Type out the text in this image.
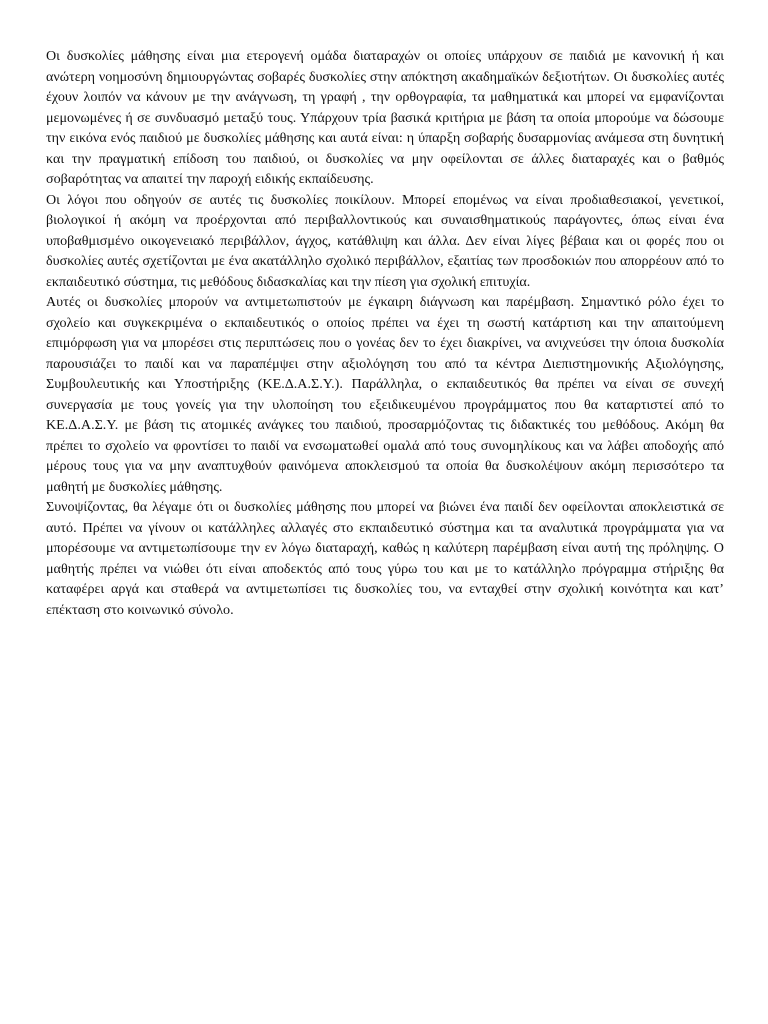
Οι δυσκολίες μάθησης είναι μια ετερογενή ομάδα διαταραχών οι οποίες υπάρχουν σε παιδιά με κανονική ή και ανώτερη νοημοσύνη δημιουργώντας σοβαρές δυσκολίες στην απόκτηση ακαδημαϊκών δεξιοτήτων. Οι δυσκολίες αυτές έχουν λοιπόν να κάνουν με την ανάγνωση, τη γραφή , την ορθογραφία, τα μαθηματικά και μπορεί να εμφανίζονται μεμονωμένες ή σε συνδυασμό μεταξύ τους. Υπάρχουν τρία βασικά κριτήρια με βάση τα οποία μπορούμε να δώσουμε την εικόνα ενός παιδιού με δυσκολίες μάθησης και αυτά είναι: η ύπαρξη σοβαρής δυσαρμονίας ανάμεσα στη δυνητική και την πραγματική επίδοση του παιδιού, οι δυσκολίες να μην οφείλονται σε άλλες διαταραχές και ο βαθμός σοβαρότητας να απαιτεί την παροχή ειδικής εκπαίδευσης.

Οι λόγοι που οδηγούν σε αυτές τις δυσκολίες ποικίλουν. Μπορεί επομένως να είναι προδιαθεσιακοί, γενετικοί, βιολογικοί ή ακόμη να προέρχονται από περιβαλλοντικούς και συναισθηματικούς παράγοντες, όπως είναι ένα υποβαθμισμένο οικογενειακό περιβάλλον, άγχος, κατάθλιψη και άλλα. Δεν είναι λίγες βέβαια και οι φορές που οι δυσκολίες αυτές σχετίζονται με ένα ακατάλληλο σχολικό περιβάλλον, εξαιτίας των προσδοκιών που απορρέουν από το εκπαιδευτικό σύστημα, τις μεθόδους διδασκαλίας και την πίεση για σχολική επιτυχία.

Αυτές οι δυσκολίες μπορούν να αντιμετωπιστούν με έγκαιρη διάγνωση και παρέμβαση. Σημαντικό ρόλο έχει το σχολείο και συγκεκριμένα ο εκπαιδευτικός ο οποίος πρέπει να έχει τη σωστή κατάρτιση και την απαιτούμενη επιμόρφωση για να μπορέσει στις περιπτώσεις που ο γονέας δεν το έχει διακρίνει, να ανιχνεύσει την όποια δυσκολία παρουσιάζει το παιδί και να παραπέμψει στην αξιολόγηση του από τα κέντρα Διεπιστημονικής Αξιολόγησης, Συμβουλευτικής και Υποστήριξης (ΚΕ.Δ.Α.Σ.Υ.). Παράλληλα, ο εκπαιδευτικός θα πρέπει να είναι σε συνεχή συνεργασία με τους γονείς για την υλοποίηση του εξειδικευμένου προγράμματος που θα καταρτιστεί από το ΚΕ.Δ.Α.Σ.Υ. με βάση τις ατομικές ανάγκες του παιδιού, προσαρμόζοντας τις διδακτικές του μεθόδους. Ακόμη θα πρέπει το σχολείο να φροντίσει το παιδί να ενσωματωθεί ομαλά από τους συνομηλίκους και να λάβει αποδοχής από μέρους τους για να μην αναπτυχθούν φαινόμενα αποκλεισμού τα οποία θα δυσκολέψουν ακόμη περισσότερο τα μαθητή με δυσκολίες μάθησης.

Συνοψίζοντας, θα λέγαμε ότι οι δυσκολίες μάθησης που μπορεί να βιώνει ένα παιδί δεν οφείλονται αποκλειστικά σε αυτό. Πρέπει να γίνουν οι κατάλληλες αλλαγές στο εκπαιδευτικό σύστημα και τα αναλυτικά προγράμματα για να μπορέσουμε να αντιμετωπίσουμε την εν λόγω διαταραχή, καθώς η καλύτερη παρέμβαση είναι αυτή της πρόληψης. Ο μαθητής πρέπει να νιώθει ότι είναι αποδεκτός από τους γύρω του και με το κατάλληλο πρόγραμμα στήριξης θα καταφέρει αργά και σταθερά να αντιμετωπίσει τις δυσκολίες του, να ενταχθεί στην σχολική κοινότητα και κατ’ επέκταση στο κοινωνικό σύνολο.
